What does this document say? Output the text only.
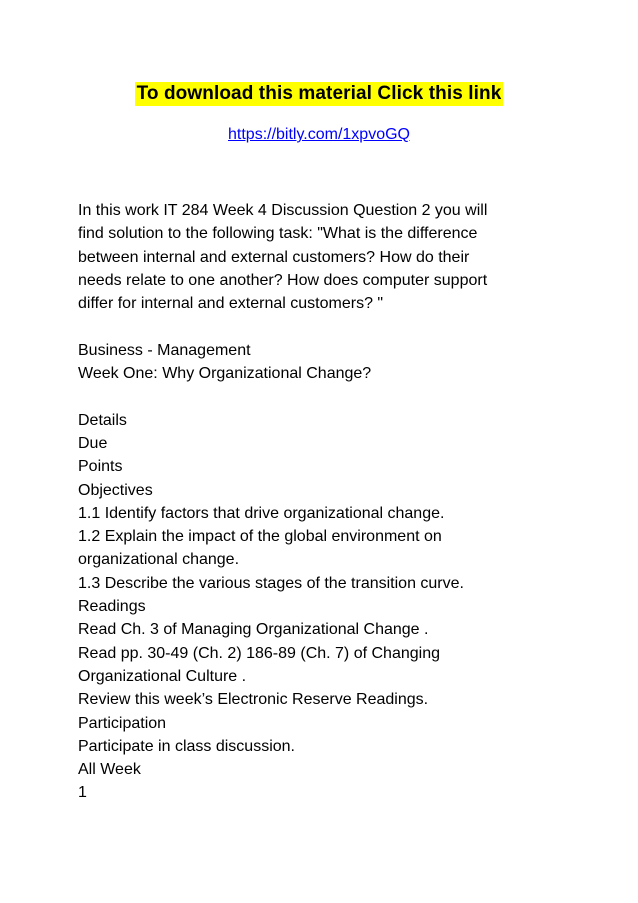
To download this material Click this link
https://bitly.com/1xpvoGQ
In this work IT 284 Week 4 Discussion Question 2 you will
find solution to the following task: "What is the difference
between internal and external customers? How do their
needs relate to one another? How does computer support
differ for internal and external customers? "
Business - Management
Week One: Why Organizational Change?
Details
Due
Points
Objectives
1.1 Identify factors that drive organizational change.
1.2 Explain the impact of the global environment on
organizational change.
1.3 Describe the various stages of the transition curve.
Readings
Read Ch. 3 of Managing Organizational Change .
Read pp. 30-49 (Ch. 2) 186-89 (Ch. 7) of Changing
Organizational Culture .
Review this week’s Electronic Reserve Readings.
Participation
Participate in class discussion.
All Week
1
